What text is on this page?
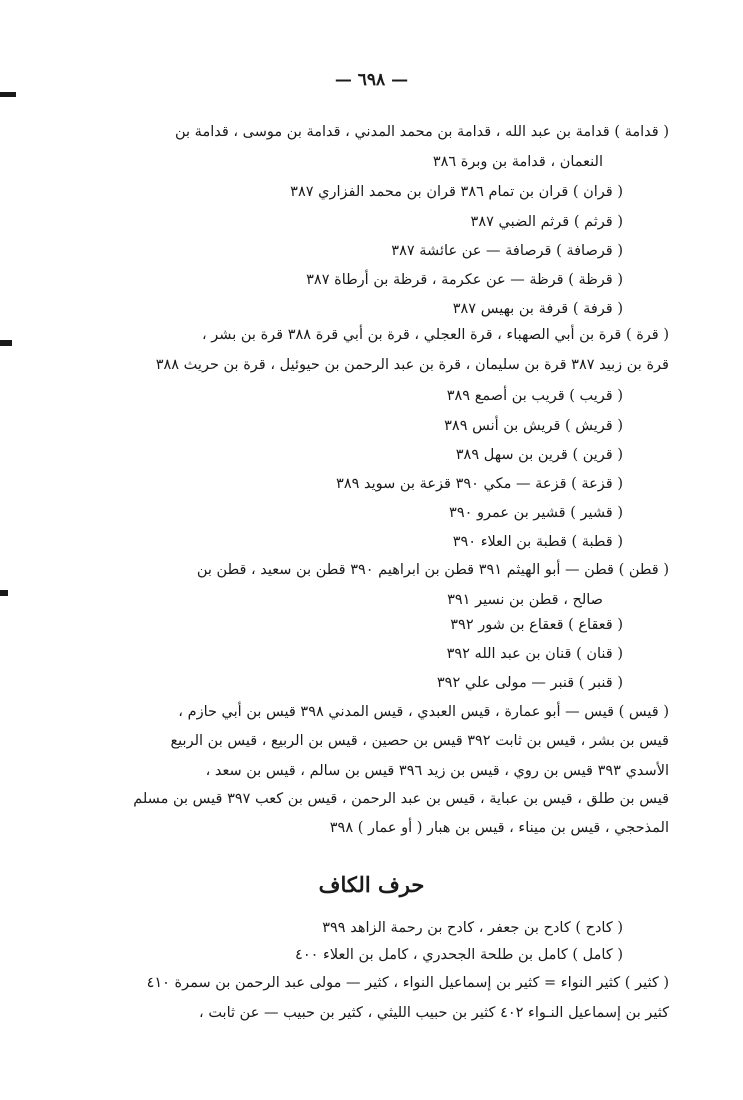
— ٦٩٨ —
( قدامة ) قدامة بن عبد الله ، قدامة بن محمد المدني ، قدامة بن موسى ، قدامة بن
النعمان ، قدامة بن وبرة ٣٨٦
( قران ) قران بن تمام ٣٨٦ قران بن محمد الفزاري ٣٨٧
( قرثم ) قرثم الضبي ٣٨٧
( قرصافة ) قرصافة — عن عائشة ٣٨٧
( قرظة ) قرظة — عن عكرمة ، قرظة بن أرطاة ٣٨٧
( قرفة ) قرفة بن بهيس ٣٨٧
( قرة ) قرة بن أبي الصهباء ، قرة العجلي ، قرة بن أبي قرة ٣٨٨ قرة بن بشر ،
قرة بن زبيد ٣٨٧ قرة بن سليمان ، قرة بن عبد الرحمن بن حيوئيل ، قرة بن حريث ٣٨٨
( قريب ) قريب بن أصمع ٣٨٩
( قريش ) قريش بن أنس ٣٨٩
( قرين ) قرين بن سهل ٣٨٩
( قزعة ) قزعة — مكي ٣٩٠ قزعة بن سويد ٣٨٩
( قشير ) قشير بن عمرو ٣٩٠
( قطبة ) قطبة بن العلاء ٣٩٠
( قطن ) قطن — أبو الهيثم ٣٩١ قطن بن ابراهيم ٣٩٠ قطن بن سعيد ، قطن بن
صالح ، قطن بن نسير ٣٩١
( قعقاع ) قعقاع بن شور ٣٩٢
( قنان ) قنان بن عبد الله ٣٩٢
( قنبر ) قنبر — مولى علي ٣٩٢
( قيس ) قيس — أبو عمارة ، قيس العبدي ، قيس المدني ٣٩٨ قيس بن أبي حازم ،
قيس بن بشر ، قيس بن ثابت ٣٩٢ قيس بن حصين ، قيس بن الربيع ، قيس بن الربيع
الأسدي ٣٩٣ قيس بن روي ، قيس بن زيد ٣٩٦ قيس بن سالم ، قيس بن سعد ،
قيس بن طلق ، قيس بن عباية ، قيس بن عبد الرحمن ، قيس بن كعب ٣٩٧ قيس بن مسلم
المذحجي ، قيس بن ميناء ، قيس بن هبار ( أو عمار ) ٣٩٨
حرف الكاف
( كادح ) كادح بن جعفر ، كادح بن رحمة الزاهد ٣٩٩
( كامل ) كامل بن طلحة الجحدري ، كامل بن العلاء ٤٠٠
( كثير ) كثير النواء = كثير بن إسماعيل النواء ، كثير — مولى عبد الرحمن بن سمرة ٤١٠
كثير بن إسماعيل النـواء ٤٠٢ كثير بن حبيب الليثي ، كثير بن حبيب — عن ثابت ،
